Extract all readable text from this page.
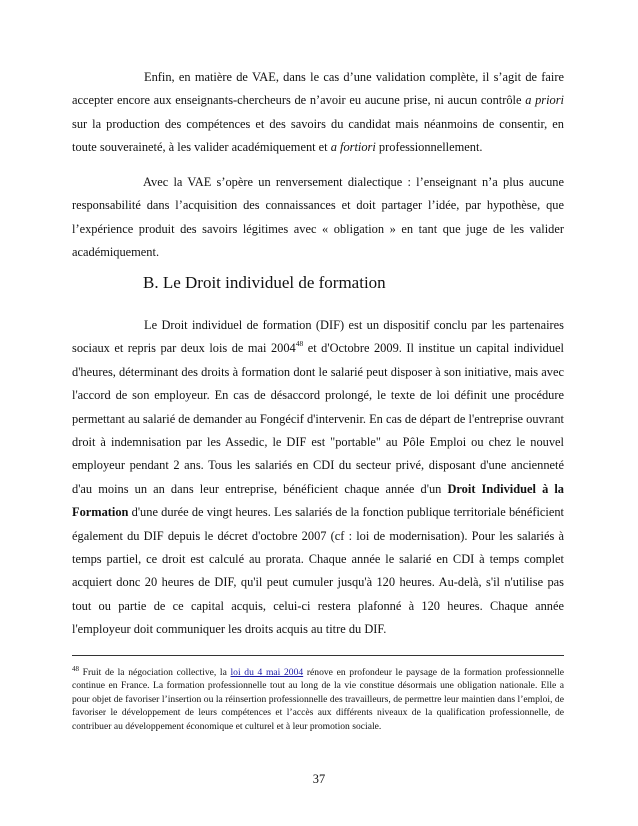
Enfin, en matière de VAE, dans le cas d’une validation complète, il s’agit de faire accepter encore aux enseignants-chercheurs de n’avoir eu aucune prise, ni aucun contrôle a priori sur la production des compétences et des savoirs du candidat mais néanmoins de consentir, en toute souveraineté, à les valider académiquement et a fortiori professionnellement.

Avec la VAE s’opère un renversement dialectique : l’enseignant n’a plus aucune responsabilité dans l’acquisition des connaissances et doit partager l’idée, par hypothèse, que l’expérience produit des savoirs légitimes avec « obligation » en tant que juge de les valider académiquement.

B. Le Droit individuel de formation

Le Droit individuel de formation (DIF) est un dispositif conclu par les partenaires sociaux et repris par deux lois de mai 2004$^{48}$ et d'Octobre 2009. Il institue un capital individuel d'heures, déterminant des droits à formation dont le salarié peut disposer à son initiative, mais avec l'accord de son employeur. En cas de désaccord prolongé, le texte de loi définit une procédure permettant au salarié de demander au Fongécif d'intervenir. En cas de départ de l'entreprise ouvrant droit à indemnisation par les Assedic, le DIF est "portable" au Pôle Emploi ou chez le nouvel employeur pendant 2 ans. Tous les salariés en CDI du secteur privé, disposant d'une ancienneté d'au moins un an dans leur entreprise, bénéficient chaque année d'un Droit Individuel à la Formation d'une durée de vingt heures. Les salariés de la fonction publique territoriale bénéficient également du DIF depuis le décret d'octobre 2007 (cf : loi de modernisation). Pour les salariés à temps partiel, ce droit est calculé au prorata. Chaque année le salarié en CDI à temps complet acquiert donc 20 heures de DIF, qu'il peut cumuler jusqu'à 120 heures. Au-delà, s'il n'utilise pas tout ou partie de ce capital acquis, celui-ci restera plafonné à 120 heures. Chaque année l'employeur doit communiquer les droits acquis au titre du DIF.

$^{48}$ Fruit de la négociation collective, la loi du 4 mai 2004 rénove en profondeur le paysage de la formation professionnelle continue en France. La formation professionnelle tout au long de la vie constitue désormais une obligation nationale. Elle a pour objet de favoriser l’insertion ou la réinsertion professionnelle des travailleurs, de permettre leur maintien dans l’emploi, de favoriser le développement de leurs compétences et l’accès aux différents niveaux de la qualification professionnelle, de contribuer au développement économique et culturel et à leur promotion sociale.

37
